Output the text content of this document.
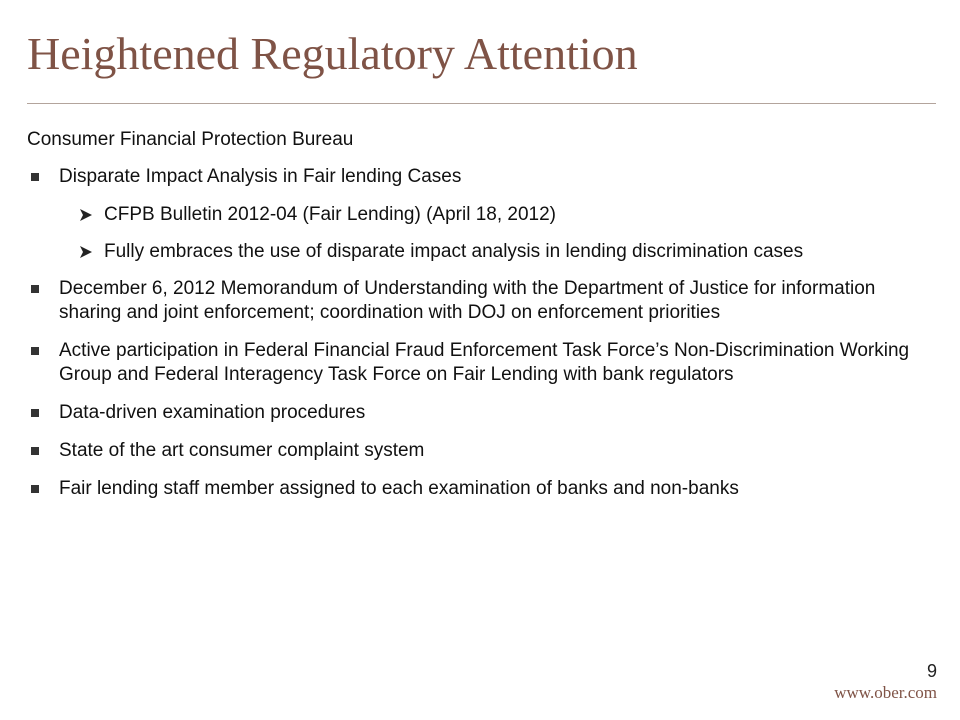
Heightened Regulatory Attention

Consumer Financial Protection Bureau

Disparate Impact Analysis in Fair lending Cases
CFPB Bulletin 2012-04 (Fair Lending) (April 18, 2012)
Fully embraces the use of disparate impact analysis in lending discrimination cases
December 6, 2012 Memorandum of Understanding with the Department of Justice for information sharing and joint enforcement; coordination with DOJ on enforcement priorities
Active participation in Federal Financial Fraud Enforcement Task Force’s Non-Discrimination Working Group and Federal Interagency Task Force on Fair Lending with bank regulators
Data-driven examination procedures
State of the art consumer complaint system
Fair lending staff member assigned to each examination of banks and non-banks
9
www.ober.com
